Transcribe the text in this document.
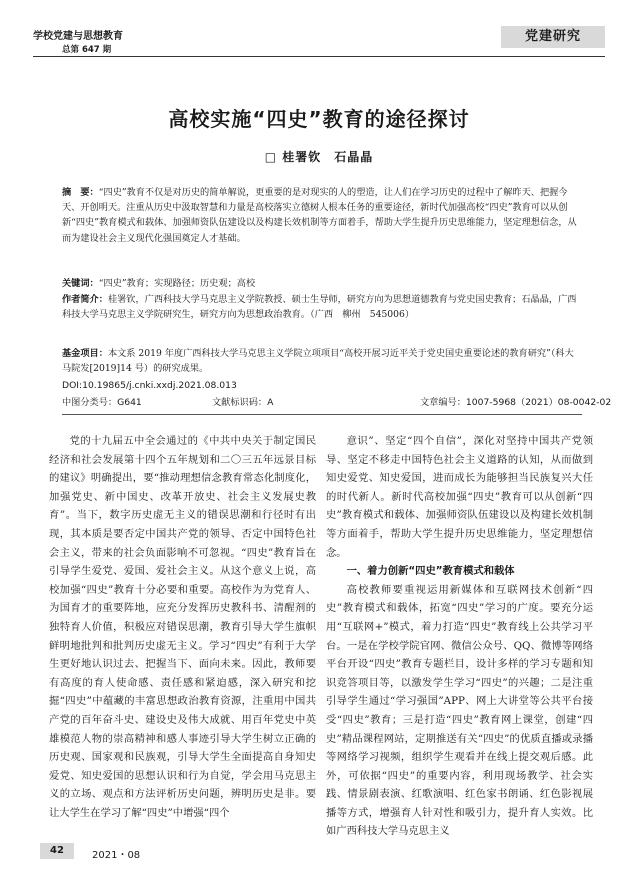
学校党建与思想教育
总第 647 期
党建研究
高校实施“四史”教育的途径探讨
□ 桂署钦　石晶晶
摘　要：“四史”教育不仅是对历史的简单解说，更重要的是对现实的人的塑造，让人们在学习历史的过程中了解昨天、把握今天、开创明天。注重从历史中汲取智慧和力量是高校落实立德树人根本任务的重要途径，新时代加强高校“四史”教育可以从创新“四史”教育模式和载体、加强师资队伍建设以及构建长效机制等方面着手，帮助大学生提升历史思维能力，坚定理想信念，从而为建设社会主义现代化强国奠定人才基础。
关键词：“四史”教育；实现路径；历史观；高校
作者简介：桂署钦，广西科技大学马克思主义学院教授、硕士生导师，研究方向为思想道德教育与党史国史教育；石晶晶，广西科技大学马克思主义学院研究生，研究方向为思想政治教育。（广西　柳州　545006）
基金项目：本文系 2019 年度广西科技大学马克思主义学院立项项目“高校开展习近平关于党史国史重要论述的教育研究”（科大马院发[2019]14 号）的研究成果。
DOI:10.19865/j.cnki.xxdj.2021.08.013
中图分类号：G641	文献标识码：A	文章编号：1007-5968（2021）08-0042-02

党的十九届五中全会通过的《中共中央关于制定国民经济和社会发展第十四个五年规划和二〇三五年远景目标的建议》明确提出，要“推动理想信念教育常态化制度化，加强党史、新中国史、改革开放史、社会主义发展史教育”。当下，数字历史虚无主义的错误思潮和行径时有出现，其本质是要否定中国共产党的领导、否定中国特色社会主义，带来的社会负面影响不可忽视。“四史”教育旨在引导学生爱党、爱国、爱社会主义。从这个意义上说，高校加强“四史”教育十分必要和重要。高校作为为党育人、为国育才的重要阵地，应充分发挥历史教科书、清醒剂的独特育人价值，积极应对错误思潮，教育引导大学生旗帜鲜明地批判和批判历史虚无主义。学习“四史”有利于大学生更好地认识过去、把握当下、面向未来。因此，教师要有高度的育人使命感、责任感和紧迫感，深入研究和挖掘“四史”中蕴藏的丰富思想政治教育资源，注重用中国共产党的百年奋斗史、建设史及伟大成就、用百年党史中英雄模范人物的崇高精神和感人事迹引导大学生树立正确的历史观、国家观和民族观，引导大学生全面提高自身知史爱党、知史爱国的思想认识和行为自觉，学会用马克思主义的立场、观点和方法评析历史问题，辨明历史是非。要让大学生在学习了解“四史”中增强“四个

意识”、坚定“四个自信”，深化对坚持中国共产党领导、坚定不移走中国特色社会主义道路的认知，从而做到知史爱党、知史爱国，进而成长为能够担当民族复兴大任的时代新人。新时代高校加强“四史”教育可以从创新“四史”教育模式和载体、加强师资队伍建设以及构建长效机制等方面着手，帮助大学生提升历史思维能力，坚定理想信念。

一、着力创新“四史”教育模式和载体

高校教师要重视运用新媒体和互联网技术创新“四史”教育模式和载体，拓宽“四史”学习的广度。要充分运用“互联网+”模式，着力打造“四史”教育线上公共学习平台。一是在学校学院官网、微信公众号、QQ、微博等网络平台开设“四史”教育专题栏目，设计多样的学习专题和知识竞答项目等，以激发学生学习“四史”的兴趣；二是注重引导学生通过“学习强国”APP、网上大讲堂等公共平台接受“四史”教育；三是打造“四史”教育网上课堂，创建“四史”精品课程网站，定期推送有关“四史”的优质直播或录播等网络学习视频，组织学生观看并在线上提交观后感。此外，可依据“四史”的重要内容，利用现场教学、社会实践、情景剧表演、红歌演唱、红色家书朗诵、红色影视展播等方式，增强育人针对性和吸引力，提升育人实效。比如广西科技大学马克思主义

42	2021・08
